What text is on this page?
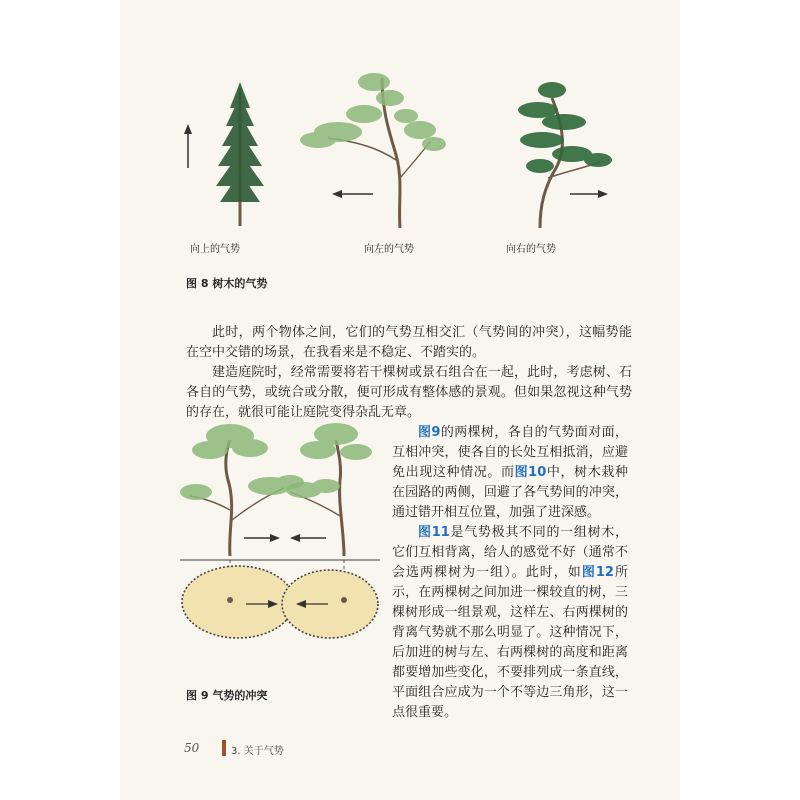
向上的气势	向左的气势	向右的气势
图 8 树木的气势

此时，两个物体之间，它们的气势互相交汇（气势间的冲突），这幅势能在空中交错的场景，在我看来是不稳定、不踏实的。

建造庭院时，经常需要将若干棵树或景石组合在一起，此时，考虑树、石各自的气势，或统合或分散，便可形成有整体感的景观。但如果忽视这种气势的存在，就很可能让庭院变得杂乱无章。

图9的两棵树，各自的气势面对面，互相冲突，使各自的长处互相抵消，应避免出现这种情况。而图10中，树木栽种在园路的两侧，回避了各气势间的冲突，通过错开相互位置，加强了进深感。

图11是气势极其不同的一组树木，它们互相背离，给人的感觉不好（通常不会选两棵树为一组）。此时，如图12所示，在两棵树之间加进一棵较直的树，三棵树形成一组景观，这样左、右两棵树的背离气势就不那么明显了。这种情况下，后加进的树与左、右两棵树的高度和距离都要增加些变化，不要排列成一条直线，平面组合应成为一个不等边三角形，这一点很重要。

图 9 气势的冲突
50	3. 关于气势
